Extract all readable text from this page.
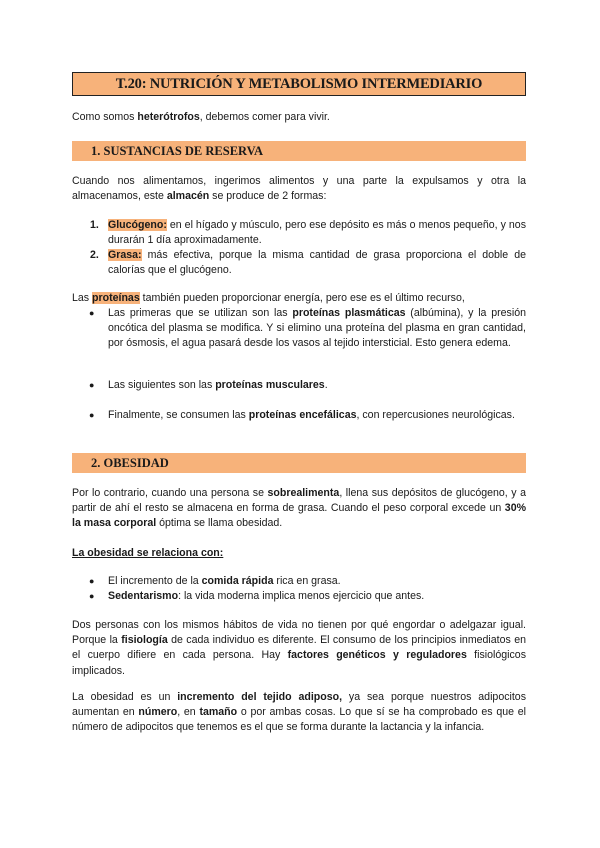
T.20: NUTRICIÓN Y METABOLISMO INTERMEDIARIO

Como somos heterótrofos, debemos comer para vivir.

1. SUSTANCIAS DE RESERVA

Cuando nos alimentamos, ingerimos alimentos y una parte la expulsamos y otra la almacenamos, este almacén se produce de 2 formas:

1. Glucógeno: en el hígado y músculo, pero ese depósito es más o menos pequeño, y nos durarán 1 día aproximadamente.

2. Grasa: más efectiva, porque la misma cantidad de grasa proporciona el doble de calorías que el glucógeno.

Las proteínas también pueden proporcionar energía, pero ese es el último recurso,

● Las primeras que se utilizan son las proteínas plasmáticas (albúmina), y la presión oncótica del plasma se modifica. Y si elimino una proteína del plasma en gran cantidad, por ósmosis, el agua pasará desde los vasos al tejido intersticial. Esto genera edema.

● Las siguientes son las proteínas musculares.

● Finalmente, se consumen las proteínas encefálicas, con repercusiones neurológicas.

2. OBESIDAD

Por lo contrario, cuando una persona se sobrealimenta, llena sus depósitos de glucógeno, y a partir de ahí el resto se almacena en forma de grasa. Cuando el peso corporal excede un 30% la masa corporal óptima se llama obesidad.

La obesidad se relaciona con:

● El incremento de la comida rápida rica en grasa.

● Sedentarismo: la vida moderna implica menos ejercicio que antes.

Dos personas con los mismos hábitos de vida no tienen por qué engordar o adelgazar igual. Porque la fisiología de cada individuo es diferente. El consumo de los principios inmediatos en el cuerpo difiere en cada persona. Hay factores genéticos y reguladores fisiológicos implicados.

La obesidad es un incremento del tejido adiposo, ya sea porque nuestros adipocitos aumentan en número, en tamaño o por ambas cosas. Lo que sí se ha comprobado es que el número de adipocitos que tenemos es el que se forma durante la lactancia y la infancia.
